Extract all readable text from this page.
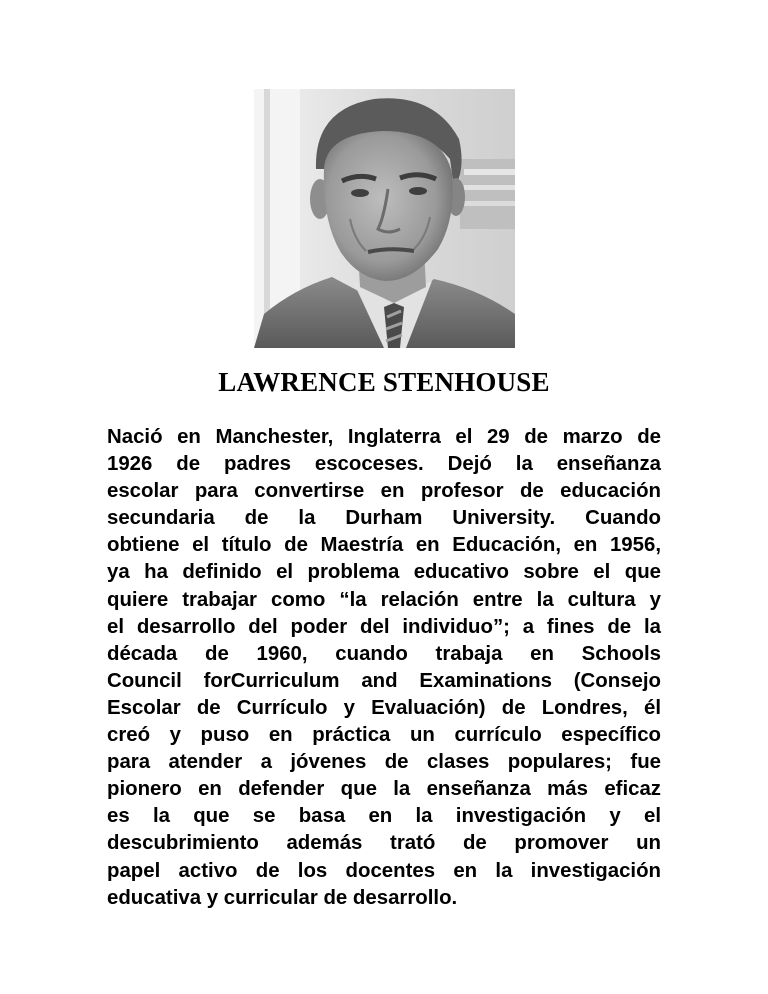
LAWRENCE STENHOUSE
Nació en Manchester, Inglaterra el 29 de marzo de
1926 de padres escoceses. Dejó la enseñanza
escolar para convertirse en profesor de educación
secundaria de la Durham University. Cuando
obtiene el título de Maestría en Educación, en 1956,
ya ha definido el problema educativo sobre el que
quiere trabajar como “la relación entre la cultura y
el desarrollo del poder del individuo”; a fines de la
década de 1960, cuando trabaja en Schools
Council forCurriculum and Examinations (Consejo
Escolar de Currículo y Evaluación) de Londres, él
creó y puso en práctica un currículo específico
para atender a jóvenes de clases populares; fue
pionero en defender que la enseñanza más eficaz
es la que se basa en la investigación y el
descubrimiento además trató de promover un
papel activo de los docentes en la investigación
educativa y curricular de desarrollo.
